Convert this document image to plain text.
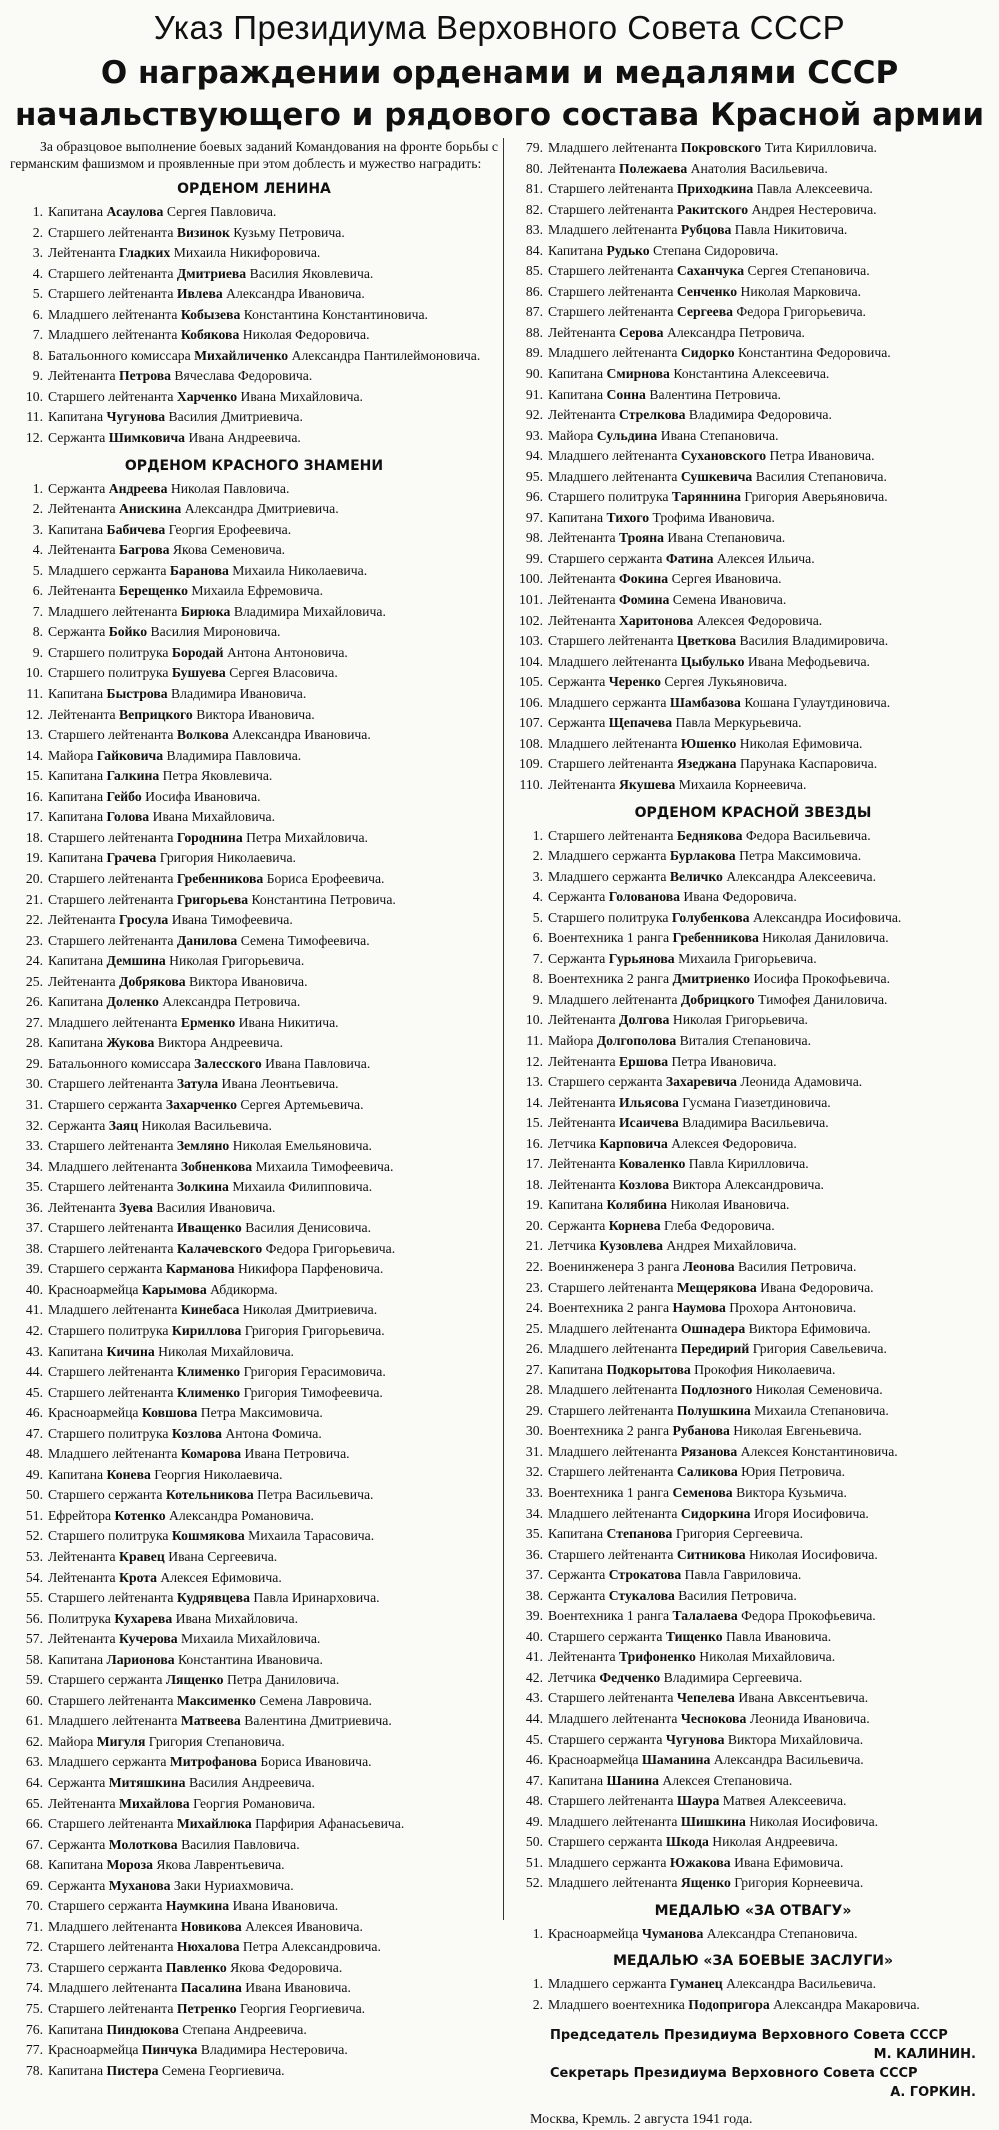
Указ Президиума Верховного Совета СССР
О награждении орденами и медалями СССР
начальствующего и рядового состава Красной армии
За образцовое выполнение боевых заданий Командования на фронте борьбы с германским фашизмом и проявленные при этом доблесть и мужество наградить:
ОРДЕНОМ ЛЕНИНА
1. Капитана Асаулова Сергея Павловича.
2. Старшего лейтенанта Визинок Кузьму Петровича.
3. Лейтенанта Гладких Михаила Никифоровича.
4. Старшего лейтенанта Дмитриева Василия Яковлевича.
5. Старшего лейтенанта Ивлева Александра Ивановича.
6. Младшего лейтенанта Кобызева Константина Константиновича.
7. Младшего лейтенанта Кобякова Николая Федоровича.
8. Батальонного комиссара Михайличенко Александра Пантилеймоновича.
9. Лейтенанта Петрова Вячеслава Федоровича.
10. Старшего лейтенанта Харченко Ивана Михайловича.
11. Капитана Чугунова Василия Дмитриевича.
12. Сержанта Шимковича Ивана Андреевича.
ОРДЕНОМ КРАСНОГО ЗНАМЕНИ
1. Сержанта Андреева Николая Павловича.
2. Лейтенанта Анискина Александра Дмитриевича.
3. Капитана Бабичева Георгия Ерофеевича.
4. Лейтенанта Багрова Якова Семеновича.
5. Младшего сержанта Баранова Михаила Николаевича.
6. Лейтенанта Берещенко Михаила Ефремовича.
7. Младшего лейтенанта Бирюка Владимира Михайловича.
8. Сержанта Бойко Василия Мироновича.
9. Старшего политрука Бородай Антона Антоновича.
10. Старшего политрука Бушуева Сергея Власовича.
11. Капитана Быстрова Владимира Ивановича.
12. Лейтенанта Веприцкого Виктора Ивановича.
13. Старшего лейтенанта Волкова Александра Ивановича.
14. Майора Гайковича Владимира Павловича.
15. Капитана Галкина Петра Яковлевича.
16. Капитана Гейбо Иосифа Ивановича.
17. Капитана Голова Ивана Михайловича.
18. Старшего лейтенанта Городнина Петра Михайловича.
19. Капитана Грачева Григория Николаевича.
20. Старшего лейтенанта Гребенникова Бориса Ерофеевича.
21. Старшего лейтенанта Григорьева Константина Петровича.
22. Лейтенанта Гросула Ивана Тимофеевича.
23. Старшего лейтенанта Данилова Семена Тимофеевича.
24. Капитана Демшина Николая Григорьевича.
25. Лейтенанта Добрякова Виктора Ивановича.
26. Капитана Доленко Александра Петровича.
27. Младшего лейтенанта Ерменко Ивана Никитича.
28. Капитана Жукова Виктора Андреевича.
29. Батальонного комиссара Залесского Ивана Павловича.
30. Старшего лейтенанта Затула Ивана Леонтьевича.
31. Старшего сержанта Захарченко Сергея Артемьевича.
32. Сержанта Заяц Николая Васильевича.
33. Старшего лейтенанта Земляно Николая Емельяновича.
34. Младшего лейтенанта Зобненкова Михаила Тимофеевича.
35. Старшего лейтенанта Золкина Михаила Филипповича.
36. Лейтенанта Зуева Василия Ивановича.
37. Старшего лейтенанта Иващенко Василия Денисовича.
38. Старшего лейтенанта Калачевского Федора Григорьевича.
39. Старшего сержанта Карманова Никифора Парфеновича.
40. Красноармейца Карымова Абдикорма.
41. Младшего лейтенанта Кинебаса Николая Дмитриевича.
42. Старшего политрука Кириллова Григория Григорьевича.
43. Капитана Кичина Николая Михайловича.
44. Старшего лейтенанта Клименко Григория Герасимовича.
45. Старшего лейтенанта Клименко Григория Тимофеевича.
46. Красноармейца Ковшова Петра Максимовича.
47. Старшего политрука Козлова Антона Фомича.
48. Младшего лейтенанта Комарова Ивана Петровича.
49. Капитана Конева Георгия Николаевича.
50. Старшего сержанта Котельникова Петра Васильевича.
51. Ефрейтора Котенко Александра Романовича.
52. Старшего политрука Кошмякова Михаила Тарасовича.
53. Лейтенанта Кравец Ивана Сергеевича.
54. Лейтенанта Крота Алексея Ефимовича.
55. Старшего лейтенанта Кудрявцева Павла Иринарховича.
56. Политрука Кухарева Ивана Михайловича.
57. Лейтенанта Кучерова Михаила Михайловича.
58. Капитана Ларионова Константина Ивановича.
59. Старшего сержанта Лященко Петра Даниловича.
60. Старшего лейтенанта Максименко Семена Лавровича.
61. Младшего лейтенанта Матвеева Валентина Дмитриевича.
62. Майора Мигуля Григория Степановича.
63. Младшего сержанта Митрофанова Бориса Ивановича.
64. Сержанта Митяшкина Василия Андреевича.
65. Лейтенанта Михайлова Георгия Романовича.
66. Старшего лейтенанта Михайлюка Парфирия Афанасьевича.
67. Сержанта Молоткова Василия Павловича.
68. Капитана Мороза Якова Лаврентьевича.
69. Сержанта Муханова Заки Нуриахмовича.
70. Старшего сержанта Наумкина Ивана Ивановича.
71. Младшего лейтенанта Новикова Алексея Ивановича.
72. Старшего лейтенанта Нюхалова Петра Александровича.
73. Старшего сержанта Павленко Якова Федоровича.
74. Младшего лейтенанта Пасалина Ивана Ивановича.
75. Старшего лейтенанта Петренко Георгия Георгиевича.
76. Капитана Пиндюкова Степана Андреевича.
77. Красноармейца Пинчука Владимира Нестеровича.
78. Капитана Пистера Семена Георгиевича.
79. Младшего лейтенанта Покровского Тита Кирилловича.
80. Лейтенанта Полежаева Анатолия Васильевича.
81. Старшего лейтенанта Приходкина Павла Алексеевича.
82. Старшего лейтенанта Ракитского Андрея Нестеровича.
83. Младшего лейтенанта Рубцова Павла Никитовича.
84. Капитана Рудько Степана Сидоровича.
85. Старшего лейтенанта Саханчука Сергея Степановича.
86. Старшего лейтенанта Сенченко Николая Марковича.
87. Старшего лейтенанта Сергеева Федора Григорьевича.
88. Лейтенанта Серова Александра Петровича.
89. Младшего лейтенанта Сидорко Константина Федоровича.
90. Капитана Смирнова Константина Алексеевича.
91. Капитана Сонна Валентина Петровича.
92. Лейтенанта Стрелкова Владимира Федоровича.
93. Майора Сульдина Ивана Степановича.
94. Младшего лейтенанта Сухановского Петра Ивановича.
95. Младшего лейтенанта Сушкевича Василия Степановича.
96. Старшего политрука Таряннина Григория Аверьяновича.
97. Капитана Тихого Трофима Ивановича.
98. Лейтенанта Трояна Ивана Степановича.
99. Старшего сержанта Фатина Алексея Ильича.
100. Лейтенанта Фокина Сергея Ивановича.
101. Лейтенанта Фомина Семена Ивановича.
102. Лейтенанта Харитонова Алексея Федоровича.
103. Старшего лейтенанта Цветкова Василия Владимировича.
104. Младшего лейтенанта Цыбулько Ивана Мефодьевича.
105. Сержанта Черенко Сергея Лукьяновича.
106. Младшего сержанта Шамбазова Кошана Гулаутдиновича.
107. Сержанта Щепачева Павла Меркурьевича.
108. Младшего лейтенанта Юшенко Николая Ефимовича.
109. Старшего лейтенанта Язеджана Парунака Каспаровича.
110. Лейтенанта Якушева Михаила Корнеевича.
ОРДЕНОМ КРАСНОЙ ЗВЕЗДЫ
1. Старшего лейтенанта Беднякова Федора Васильевича.
2. Младшего сержанта Бурлакова Петра Максимовича.
3. Младшего сержанта Величко Александра Алексеевича.
4. Сержанта Голованова Ивана Федоровича.
5. Старшего политрука Голубенкова Александра Иосифовича.
6. Воентехника 1 ранга Гребенникова Николая Даниловича.
7. Сержанта Гурьянова Михаила Григорьевича.
8. Воентехника 2 ранга Дмитриенко Иосифа Прокофьевича.
9. Младшего лейтенанта Добрицкого Тимофея Даниловича.
10. Лейтенанта Долгова Николая Григорьевича.
11. Майора Долгополова Виталия Степановича.
12. Лейтенанта Ершова Петра Ивановича.
13. Старшего сержанта Захаревича Леонида Адамовича.
14. Лейтенанта Ильясова Гусмана Гиазетдиновича.
15. Лейтенанта Исаичева Владимира Васильевича.
16. Летчика Карповича Алексея Федоровича.
17. Лейтенанта Коваленко Павла Кирилловича.
18. Лейтенанта Козлова Виктора Александровича.
19. Капитана Колябина Николая Ивановича.
20. Сержанта Корнева Глеба Федоровича.
21. Летчика Кузовлева Андрея Михайловича.
22. Военинженера 3 ранга Леонова Василия Петровича.
23. Старшего лейтенанта Мещерякова Ивана Федоровича.
24. Воентехника 2 ранга Наумова Прохора Антоновича.
25. Младшего лейтенанта Ошнадера Виктора Ефимовича.
26. Младшего лейтенанта Передирий Григория Савельевича.
27. Капитана Подкорытова Прокофия Николаевича.
28. Младшего лейтенанта Подлозного Николая Семеновича.
29. Старшего лейтенанта Полушкина Михаила Степановича.
30. Воентехника 2 ранга Рубанова Николая Евгеньевича.
31. Младшего лейтенанта Рязанова Алексея Константиновича.
32. Старшего лейтенанта Саликова Юрия Петровича.
33. Воентехника 1 ранга Семенова Виктора Кузьмича.
34. Младшего лейтенанта Сидоркина Игоря Иосифовича.
35. Капитана Степанова Григория Сергеевича.
36. Старшего лейтенанта Ситникова Николая Иосифовича.
37. Сержанта Строкатова Павла Гавриловича.
38. Сержанта Стукалова Василия Петровича.
39. Воентехника 1 ранга Талалаева Федора Прокофьевича.
40. Старшего сержанта Тищенко Павла Ивановича.
41. Лейтенанта Трифоненко Николая Михайловича.
42. Летчика Федченко Владимира Сергеевича.
43. Старшего лейтенанта Чепелева Ивана Авксентьевича.
44. Младшего лейтенанта Чеснокова Леонида Ивановича.
45. Старшего сержанта Чугунова Виктора Михайловича.
46. Красноармейца Шаманина Александра Васильевича.
47. Капитана Шанина Алексея Степановича.
48. Старшего лейтенанта Шаура Матвея Алексеевича.
49. Младшего лейтенанта Шишкина Николая Иосифовича.
50. Старшего сержанта Шкода Николая Андреевича.
51. Младшего сержанта Южакова Ивана Ефимовича.
52. Младшего лейтенанта Ященко Григория Корнеевича.
МЕДАЛЬЮ «ЗА ОТВАГУ»
1. Красноармейца Чуманова Александра Степановича.
МЕДАЛЬЮ «ЗА БОЕВЫЕ ЗАСЛУГИ»
1. Младшего сержанта Гуманец Александра Васильевича.
2. Младшего воентехника Подопригора Александра Макаровича.
Председатель Президиума Верховного Совета СССР
М. КАЛИНИН.
Секретарь Президиума Верховного Совета СССР
А. ГОРКИН.
Москва, Кремль. 2 августа 1941 года.
